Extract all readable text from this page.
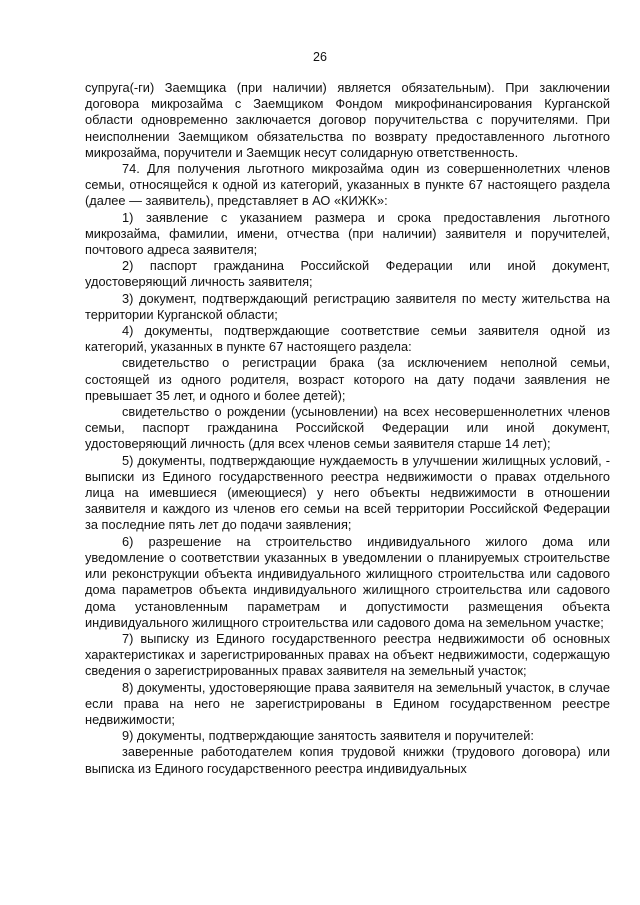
26

супруга(-ги) Заемщика (при наличии) является обязательным). При заключении договора микрозайма с Заемщиком Фондом микрофинансирования Курганской области одновременно заключается договор поручительства с поручителями. При неисполнении Заемщиком обязательства по возврату предоставленного льготного микрозайма, поручители и Заемщик несут солидарную ответственность.

74. Для получения льготного микрозайма один из совершеннолетних членов семьи, относящейся к одной из категорий, указанных в пункте 67 настоящего раздела (далее — заявитель), представляет в АО «КИЖК»:

1) заявление с указанием размера и срока предоставления льготного микрозайма, фамилии, имени, отчества (при наличии) заявителя и поручителей, почтового адреса заявителя;

2) паспорт гражданина Российской Федерации или иной документ, удостоверяющий личность заявителя;

3) документ, подтверждающий регистрацию заявителя по месту жительства на территории Курганской области;

4) документы, подтверждающие соответствие семьи заявителя одной из категорий, указанных в пункте 67 настоящего раздела:

свидетельство о регистрации брака (за исключением неполной семьи, состоящей из одного родителя, возраст которого на дату подачи заявления не превышает 35 лет, и одного и более детей);

свидетельство о рождении (усыновлении) на всех несовершеннолетних членов семьи, паспорт гражданина Российской Федерации или иной документ, удостоверяющий личность (для всех членов семьи заявителя старше 14 лет);

5) документы, подтверждающие нуждаемость в улучшении жилищных условий, - выписки из Единого государственного реестра недвижимости о правах отдельного лица на имевшиеся (имеющиеся) у него объекты недвижимости в отношении заявителя и каждого из членов его семьи на всей территории Российской Федерации за последние пять лет до подачи заявления;

6) разрешение на строительство индивидуального жилого дома или уведомление о соответствии указанных в уведомлении о планируемых строительстве или реконструкции объекта индивидуального жилищного строительства или садового дома параметров объекта индивидуального жилищного строительства или садового дома установленным параметрам и допустимости размещения объекта индивидуального жилищного строительства или садового дома на земельном участке;

7) выписку из Единого государственного реестра недвижимости об основных характеристиках и зарегистрированных правах на объект недвижимости, содержащую сведения о зарегистрированных правах заявителя на земельный участок;

8) документы, удостоверяющие права заявителя на земельный участок, в случае если права на него не зарегистрированы в Едином государственном реестре недвижимости;

9) документы, подтверждающие занятость заявителя и поручителей:

заверенные работодателем копия трудовой книжки (трудового договора) или выписка из Единого государственного реестра индивидуальных
